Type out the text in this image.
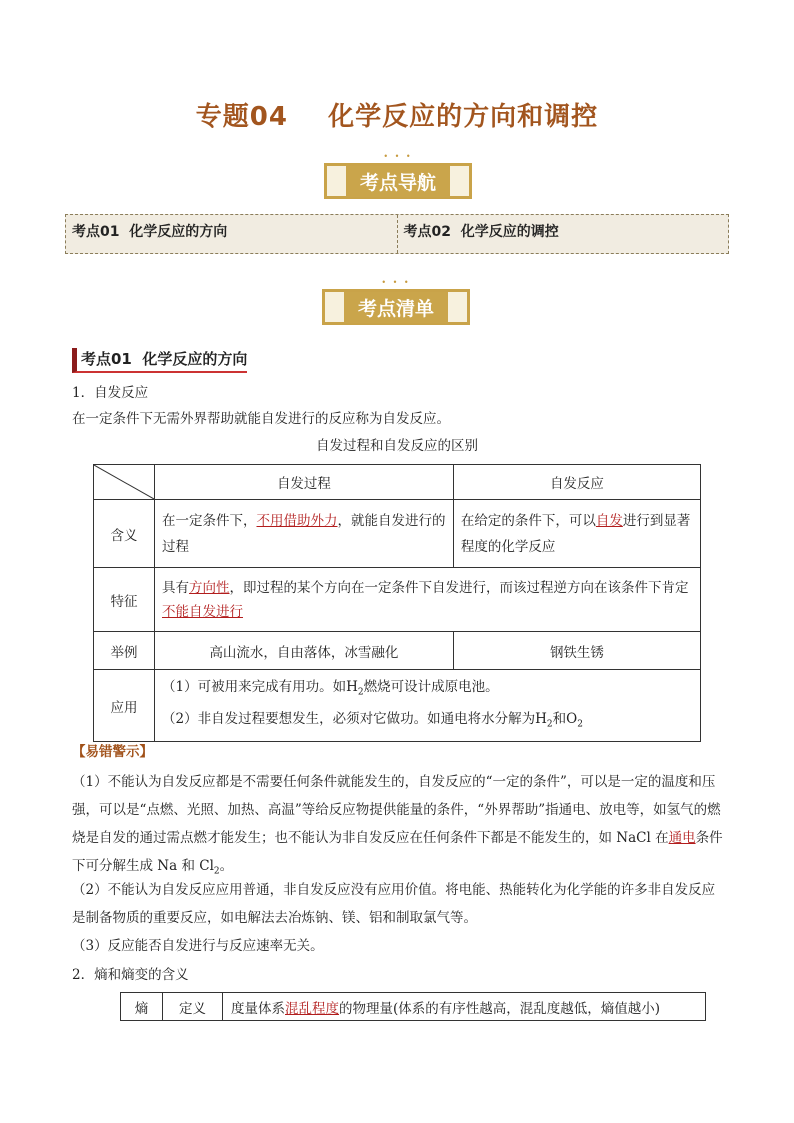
专题04    化学反应的方向和调控
• • •
考点导航
考点01  化学反应的方向	考点02  化学反应的调控
• • •
考点清单
考点01  化学反应的方向
1．自发反应
在一定条件下无需外界帮助就能自发进行的反应称为自发反应。
自发过程和自发反应的区别
	自发过程	自发反应
含义	在一定条件下，不用借助外力，就能自发进行的过程	在给定的条件下，可以自发进行到显著程度的化学反应
特征	具有方向性，即过程的某个方向在一定条件下自发进行，而该过程逆方向在该条件下肯定不能自发进行	
举例	高山流水，自由落体，冰雪融化	钢铁生锈
应用	（1）可被用来完成有用功。如$H_2$燃烧可设计成原电池。
（2）非自发过程要想发生，必须对它做功。如通电将水分解为$H_2$和$O_2$
【易错警示】
（1）不能认为自发反应都是不需要任何条件就能发生的，自发反应的“一定的条件”，可以是一定的温度和压强，可以是“点燃、光照、加热、高温”等给反应物提供能量的条件，“外界帮助”指通电、放电等，如氢气的燃烧是自发的通过需点燃才能发生；也不能认为非自发反应在任何条件下都是不能发生的，如 NaCl 在通电条件下可分解生成 Na 和 $Cl_2$。
（2）不能认为自发反应应用普通，非自发反应没有应用价值。将电能、热能转化为化学能的许多非自发反应是制备物质的重要反应，如电解法去冶炼钠、镁、铝和制取氯气等。
（3）反应能否自发进行与反应速率无关。
2．熵和熵变的含义
熵	定义	度量体系混乱程度的物理量(体系的有序性越高，混乱度越低，熵值越小)
